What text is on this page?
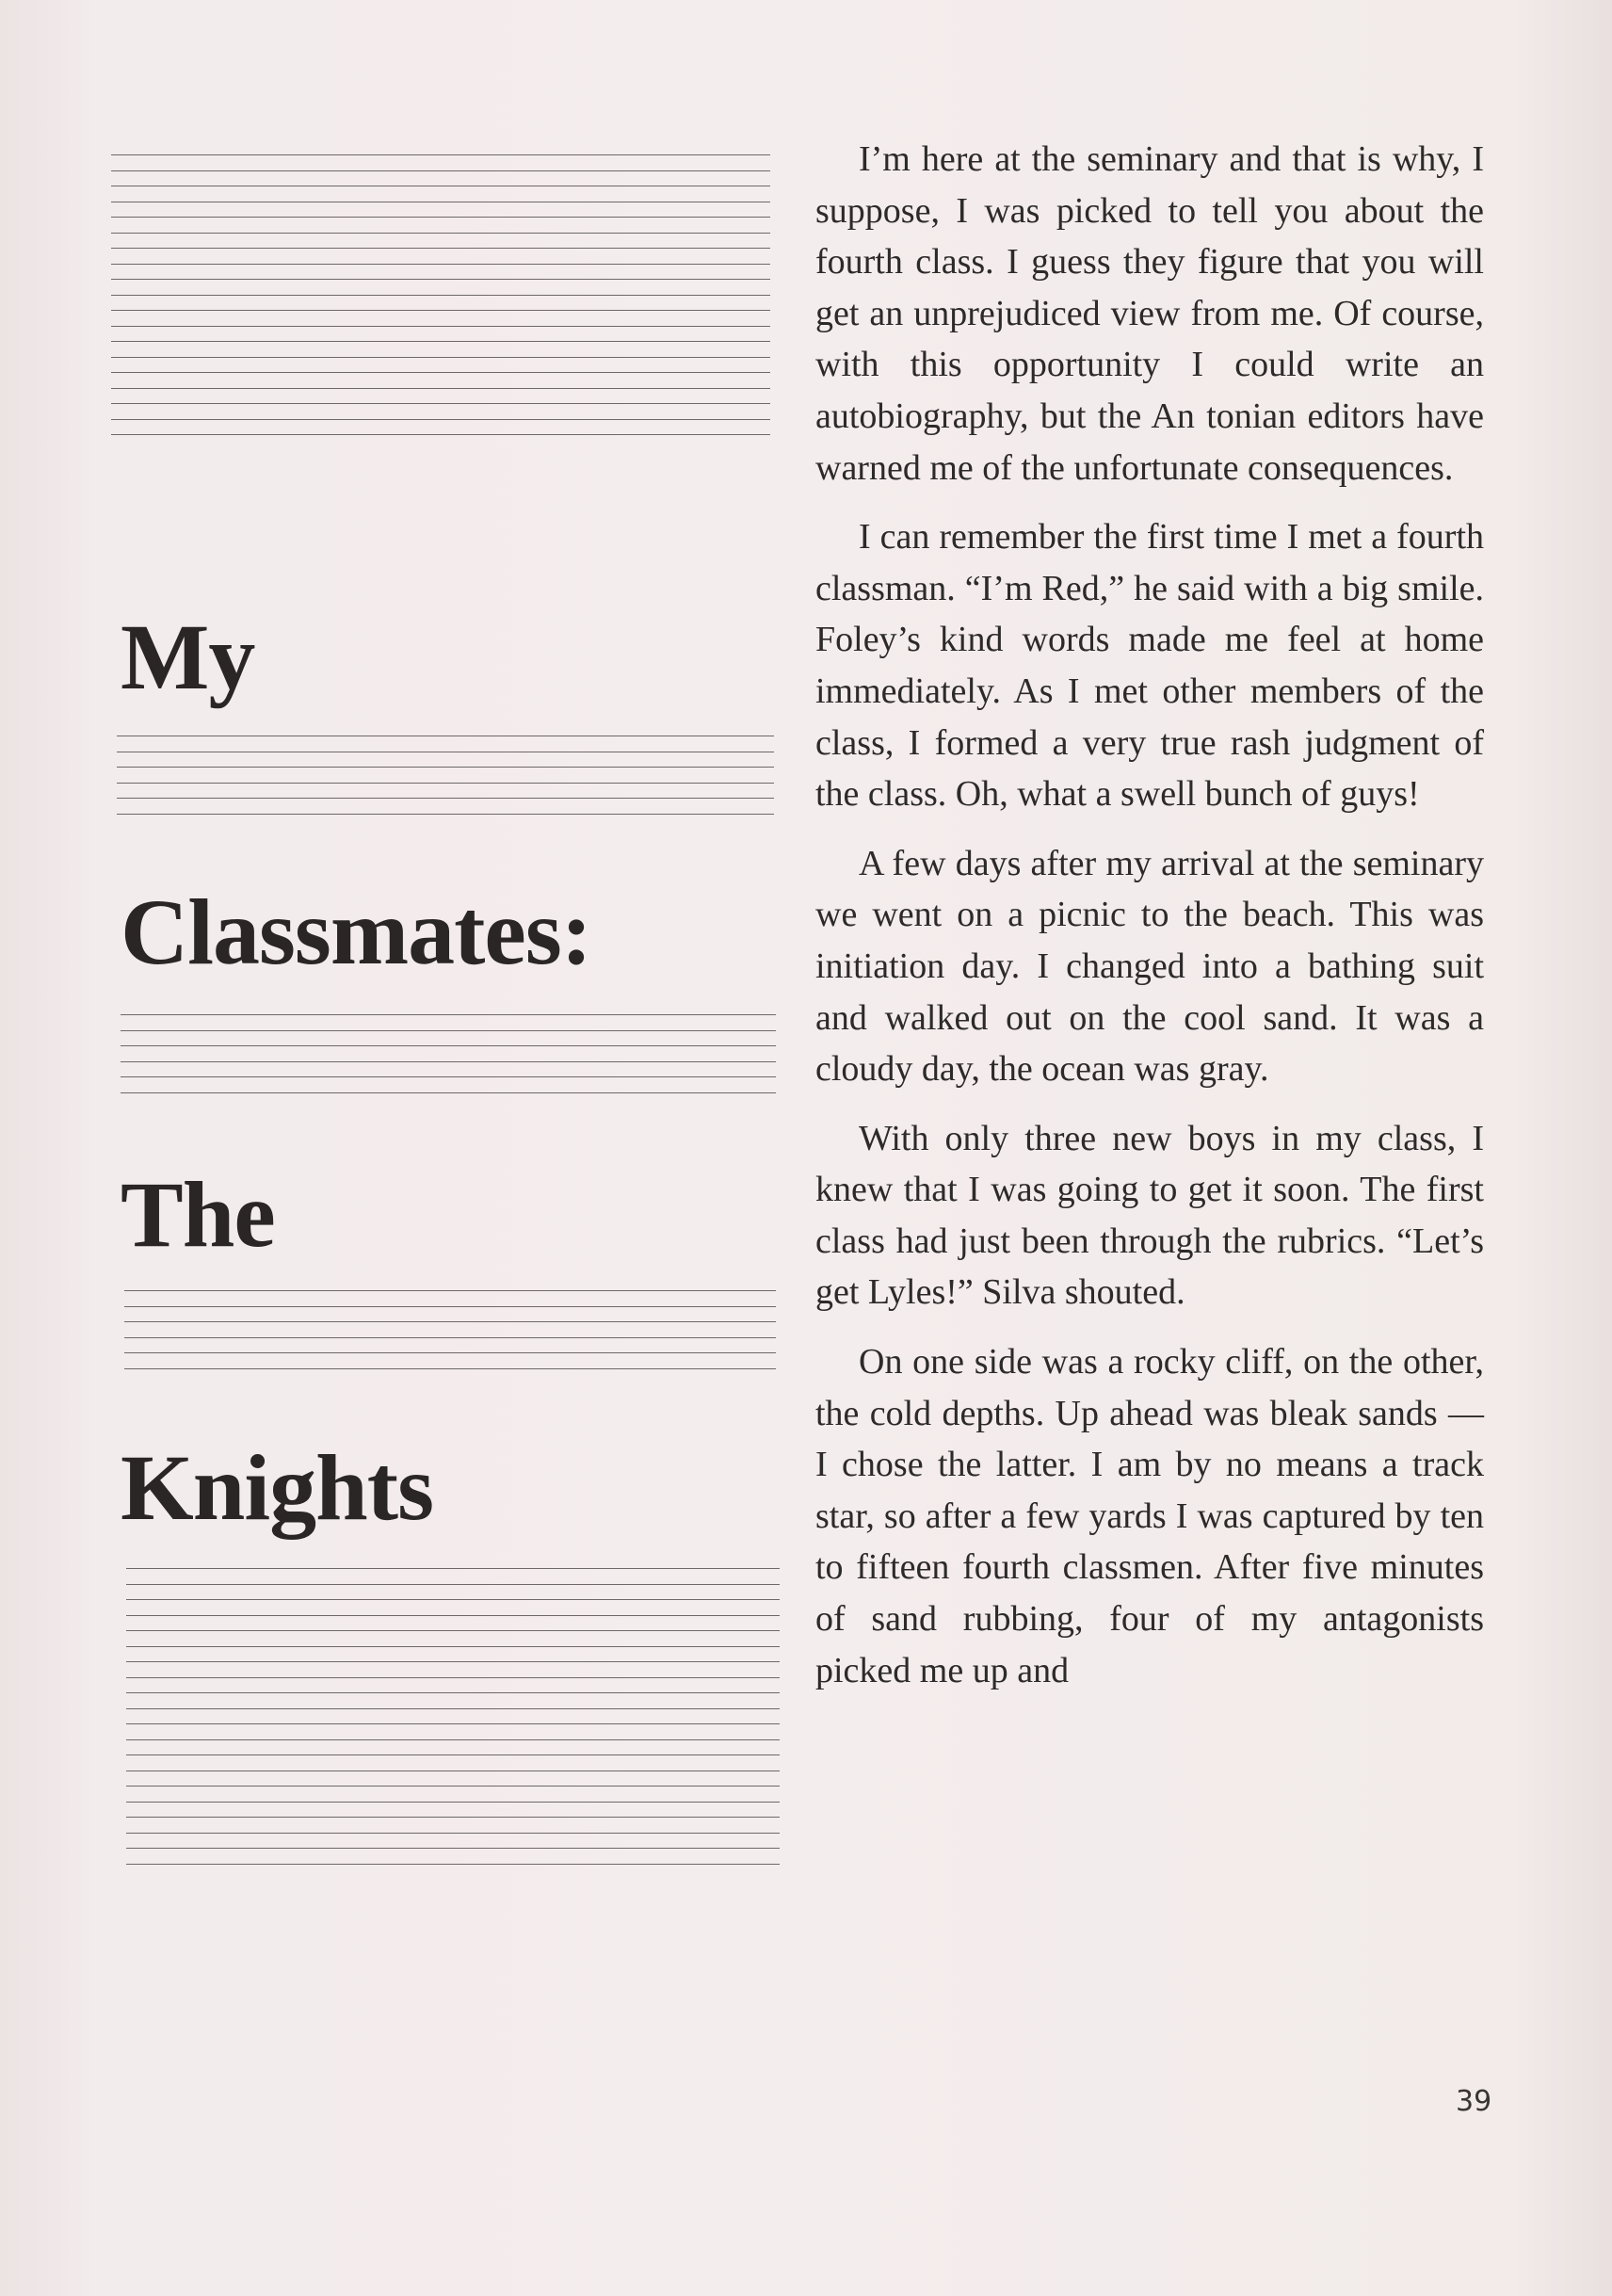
My
Classmates:
The
Knights

I’m here at the seminary and that is why, I suppose, I was picked to tell you about the fourth class. I guess they figure that you will get an unprejudiced view from me. Of course, with this opportunity I could write an autobiography, but the An tonian editors have warned me of the unfortunate consequences.

I can remember the first time I met a fourth classman. “I’m Red,” he said with a big smile. Foley’s kind words made me feel at home immediately. As I met other members of the class, I formed a very true rash judgment of the class. Oh, what a swell bunch of guys!

A few days after my arrival at the seminary we went on a picnic to the beach. This was initiation day. I changed into a bathing suit and walked out on the cool sand. It was a cloudy day, the ocean was gray.

With only three new boys in my class, I knew that I was going to get it soon. The first class had just been through the rubrics. “Let’s get Lyles!” Silva shouted.

On one side was a rocky cliff, on the other, the cold depths. Up ahead was bleak sands — I chose the latter. I am by no means a track star, so after a few yards I was captured by ten to fifteen fourth classmen. After five minutes of sand rubbing, four of my antagonists picked me up and

39
